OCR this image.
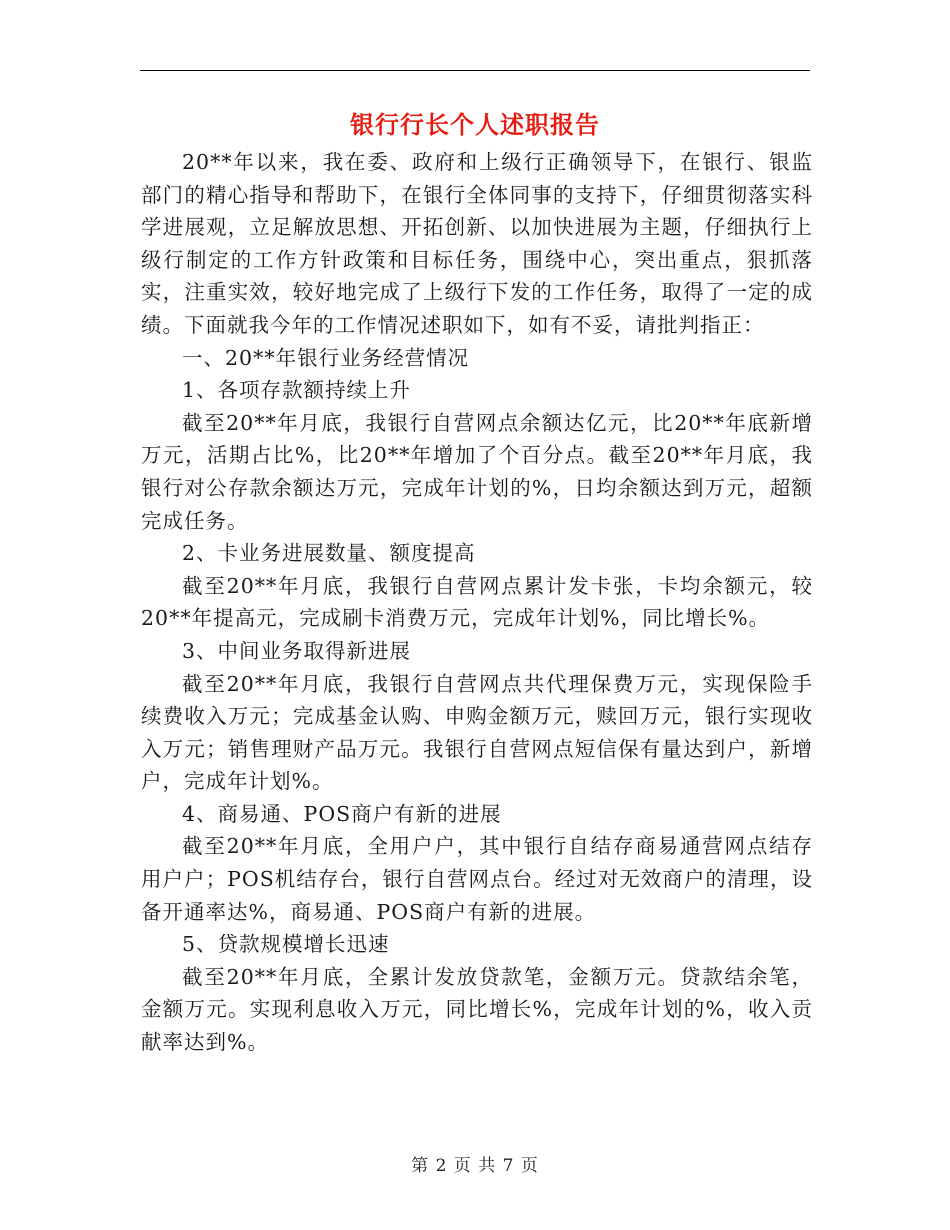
银行行长个人述职报告

20**年以来，我在委、政府和上级行正确领导下，在银行、银监部门的精心指导和帮助下，在银行全体同事的支持下，仔细贯彻落实科学进展观，立足解放思想、开拓创新、以加快进展为主题，仔细执行上级行制定的工作方针政策和目标任务，围绕中心，突出重点，狠抓落实，注重实效，较好地完成了上级行下发的工作任务，取得了一定的成绩。下面就我今年的工作情况述职如下，如有不妥，请批判指正：

一、20**年银行业务经营情况

1、各项存款额持续上升

截至20**年月底，我银行自营网点余额达亿元，比20**年底新增万元，活期占比%，比20**年增加了个百分点。截至20**年月底，我银行对公存款余额达万元，完成年计划的%，日均余额达到万元，超额完成任务。

2、卡业务进展数量、额度提高

截至20**年月底，我银行自营网点累计发卡张，卡均余额元，较20**年提高元，完成刷卡消费万元，完成年计划%，同比增长%。

3、中间业务取得新进展

截至20**年月底，我银行自营网点共代理保费万元，实现保险手续费收入万元；完成基金认购、申购金额万元，赎回万元，银行实现收入万元；销售理财产品万元。我银行自营网点短信保有量达到户，新增户，完成年计划%。

4、商易通、POS商户有新的进展

截至20**年月底，全用户户，其中银行自结存商易通营网点结存用户户；POS机结存台，银行自营网点台。经过对无效商户的清理，设备开通率达%，商易通、POS商户有新的进展。

5、贷款规模增长迅速

截至20**年月底，全累计发放贷款笔，金额万元。贷款结余笔，金额万元。实现利息收入万元，同比增长%，完成年计划的%，收入贡献率达到%。

第 2 页 共 7 页
